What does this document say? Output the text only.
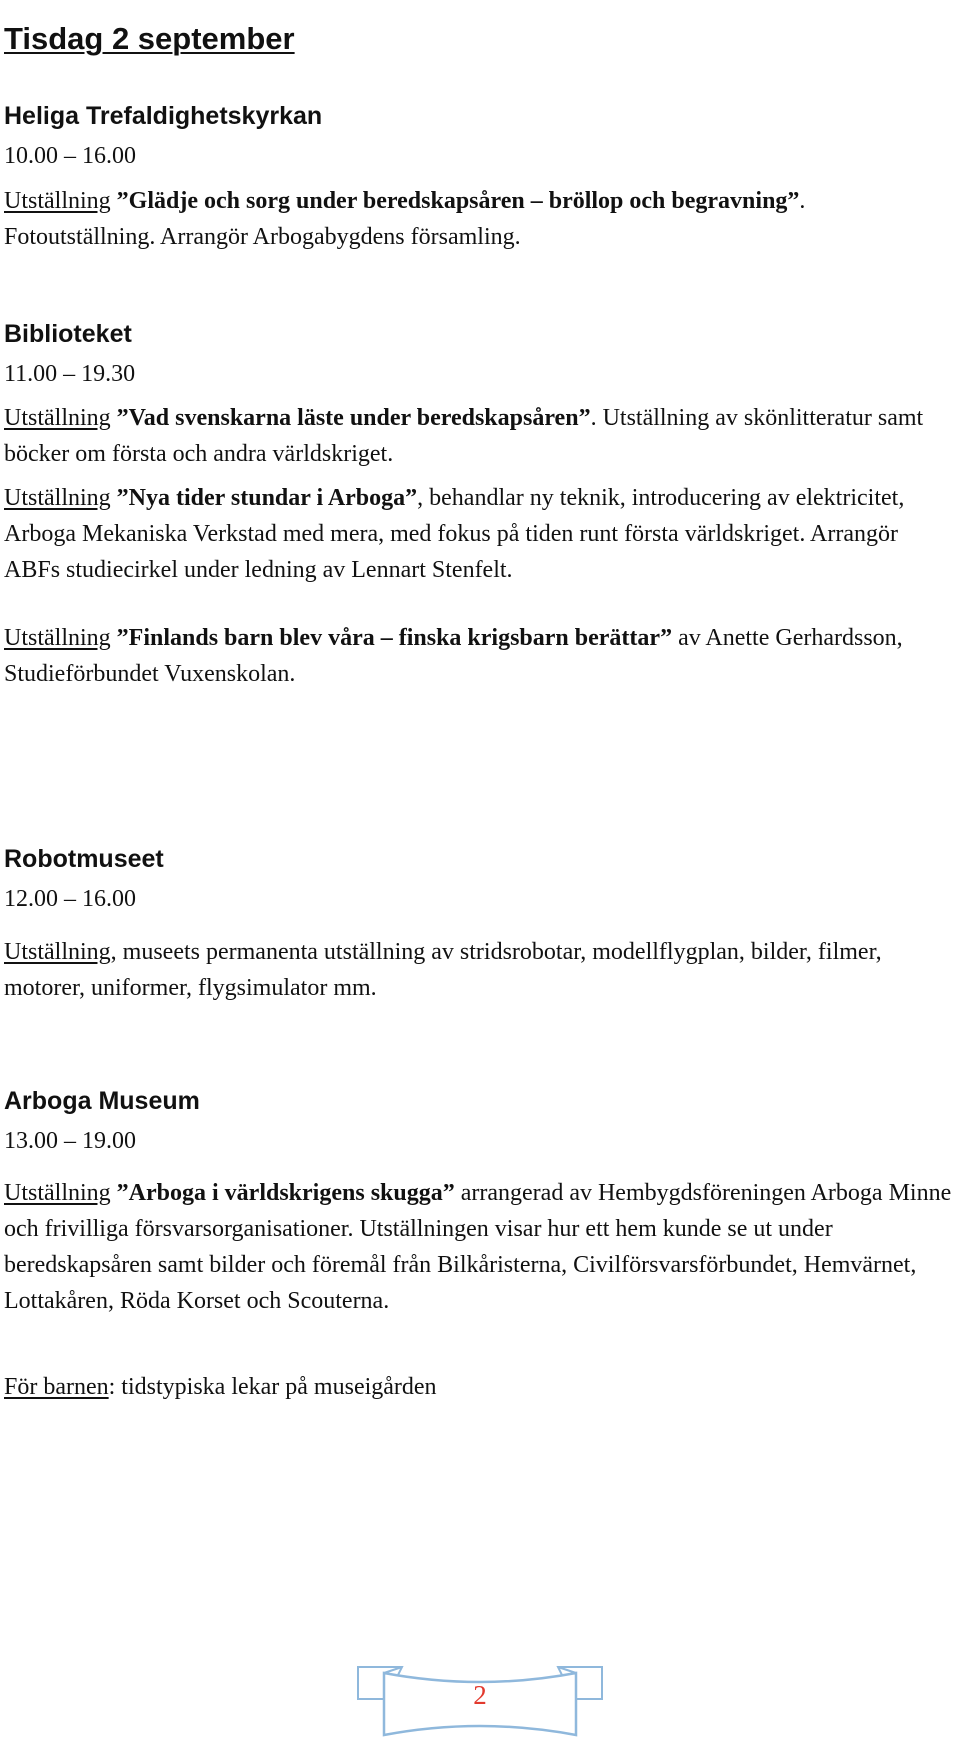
Tisdag 2 september
Heliga Trefaldighetskyrkan

10.00 – 16.00

Utställning ”Glädje och sorg under beredskapsåren – bröllop och begravning”. Fotoutställning. Arrangör Arbogabygdens församling.

Biblioteket

11.00 – 19.30

Utställning ”Vad svenskarna läste under beredskapsåren”. Utställning av skönlitteratur samt böcker om första och andra världskriget.

Utställning ”Nya tider stundar i Arboga”, behandlar ny teknik, introducering av elektricitet, Arboga Mekaniska Verkstad med mera, med fokus på tiden runt första världskriget. Arrangör ABFs studiecirkel under ledning av Lennart Stenfelt.

Utställning ”Finlands barn blev våra – finska krigsbarn berättar” av Anette Gerhardsson, Studieförbundet Vuxenskolan.

Robotmuseet

12.00 – 16.00

Utställning, museets permanenta utställning av stridsrobotar, modellflygplan, bilder, filmer, motorer, uniformer, flygsimulator mm.

Arboga Museum

13.00 – 19.00

Utställning ”Arboga i världskrigens skugga” arrangerad av Hembygdsföreningen Arboga Minne och frivilliga försvarsorganisationer. Utställningen visar hur ett hem kunde se ut under beredskapsåren samt bilder och föremål från Bilkåristerna, Civilförsvarsförbundet, Hemvärnet, Lottakåren, Röda Korset och Scouterna.

För barnen: tidstypiska lekar på museigården

2
